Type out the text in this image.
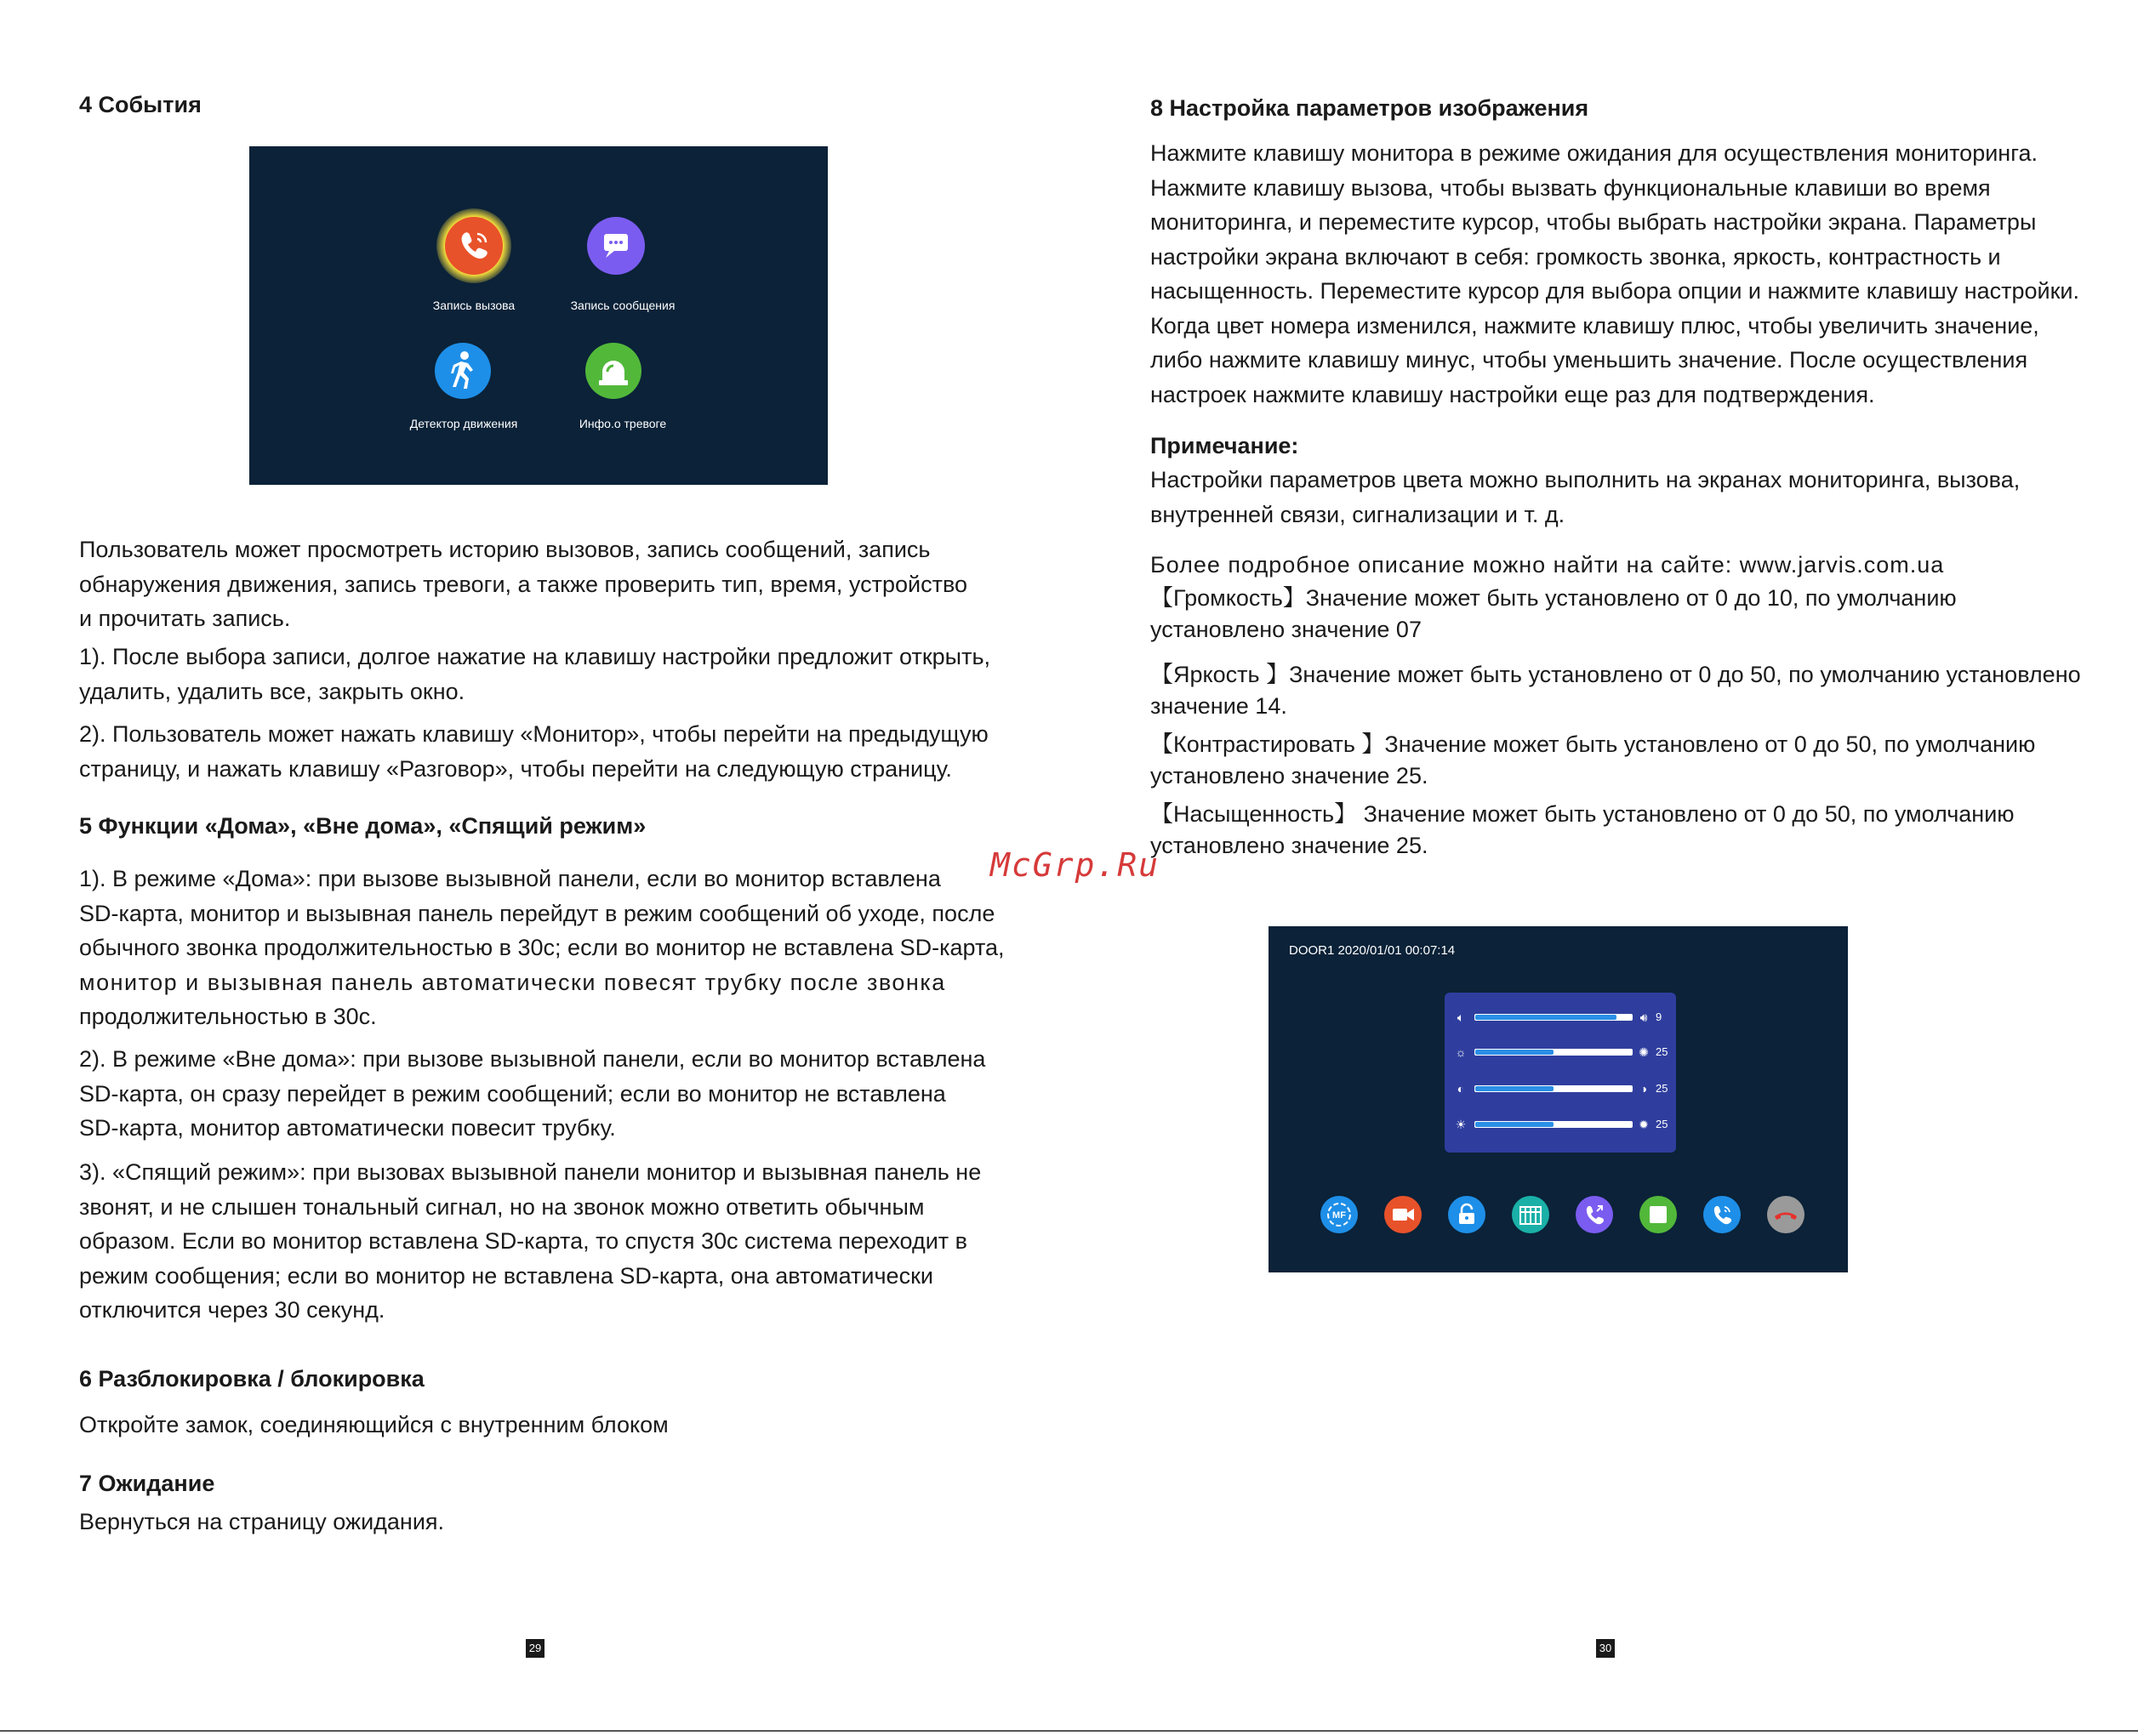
4 События
Запись вызова	Запись сообщения
Детектор движения	Инфо.о тревоге
Пользователь может просмотреть историю вызовов, запись сообщений, запись
обнаружения движения, запись тревоги, а также проверить тип, время, устройство
и прочитать запись.
1). После выбора записи, долгое нажатие на клавишу настройки предложит открыть,
удалить, удалить все, закрыть окно.
2). Пользователь может нажать клавишу «Монитор», чтобы перейти на предыдущую
страницу, и нажать клавишу «Разговор», чтобы перейти на следующую страницу.
5 Функции «Дома», «Вне дома», «Спящий режим»
1). В режиме «Дома»: при вызове вызывной панели, если во монитор вставлена
SD-карта, монитор и вызывная панель перейдут в режим сообщений об уходе, после
обычного звонка продолжительностью в 30с; если во монитор не вставлена SD-карта,
монитор и вызывная панель автоматически повесят трубку после звонка
продолжительностью в 30с.
2). В режиме «Вне дома»: при вызове вызывной панели, если во монитор вставлена
SD-карта, он сразу перейдет в режим сообщений; если во монитор не вставлена
SD-карта, монитор автоматически повесит трубку.
3). «Спящий режим»: при вызовах вызывной панели монитор и вызывная панель не
звонят, и не слышен тональный сигнал, но на звонок можно ответить обычным
образом. Если во монитор вставлена SD-карта, то спустя 30с система переходит в
режим сообщения; если во монитор не вставлена SD-карта, она автоматически
отключится через 30 секунд.
6 Разблокировка / блокировка

Откройте замок, соединяющийся с внутренним блоком

7 Ожидание

Вернуться на страницу ожидания.

29
8 Настройка параметров изображения
Нажмите клавишу монитора в режиме ожидания для осуществления мониторинга.
Нажмите клавишу вызова, чтобы вызвать функциональные клавиши во время
мониторинга, и переместите курсор, чтобы выбрать настройки экрана. Параметры
настройки экрана включают в себя: громкость звонка, яркость, контрастность и
насыщенность. Переместите курсор для выбора опции и нажмите клавишу настройки.
Когда цвет номера изменился, нажмите клавишу плюс, чтобы увеличить значение,
либо нажмите клавишу минус, чтобы уменьшить значение. После осуществления
настроек нажмите клавишу настройки еще раз для подтверждения.
Примечание:
Настройки параметров цвета можно выполнить на экранах мониторинга, вызова,
внутренней связи, сигнализации и т. д.

Более подробное описание можно найти на сайте: www.jarvis.com.ua

【Громкость】Значение может быть установлено от 0 до 10, по умолчанию
установлено значение 07
【Яркость 】Значение может быть установлено от 0 до 50, по умолчанию установлено
значение 14.
【Контрастировать 】Значение может быть установлено от 0 до 50, по умолчанию
установлено значение 25.
【Насыщенность】 Значение может быть установлено от 0 до 50, по умолчанию
установлено значение 25.
30
DOOR1 2020/01/01 00:07:14
🔈︎	🔊︎ 9
☼	✺ 25
◐	◑ 25
☀	✹ 25
MF
McGrp.Ru
